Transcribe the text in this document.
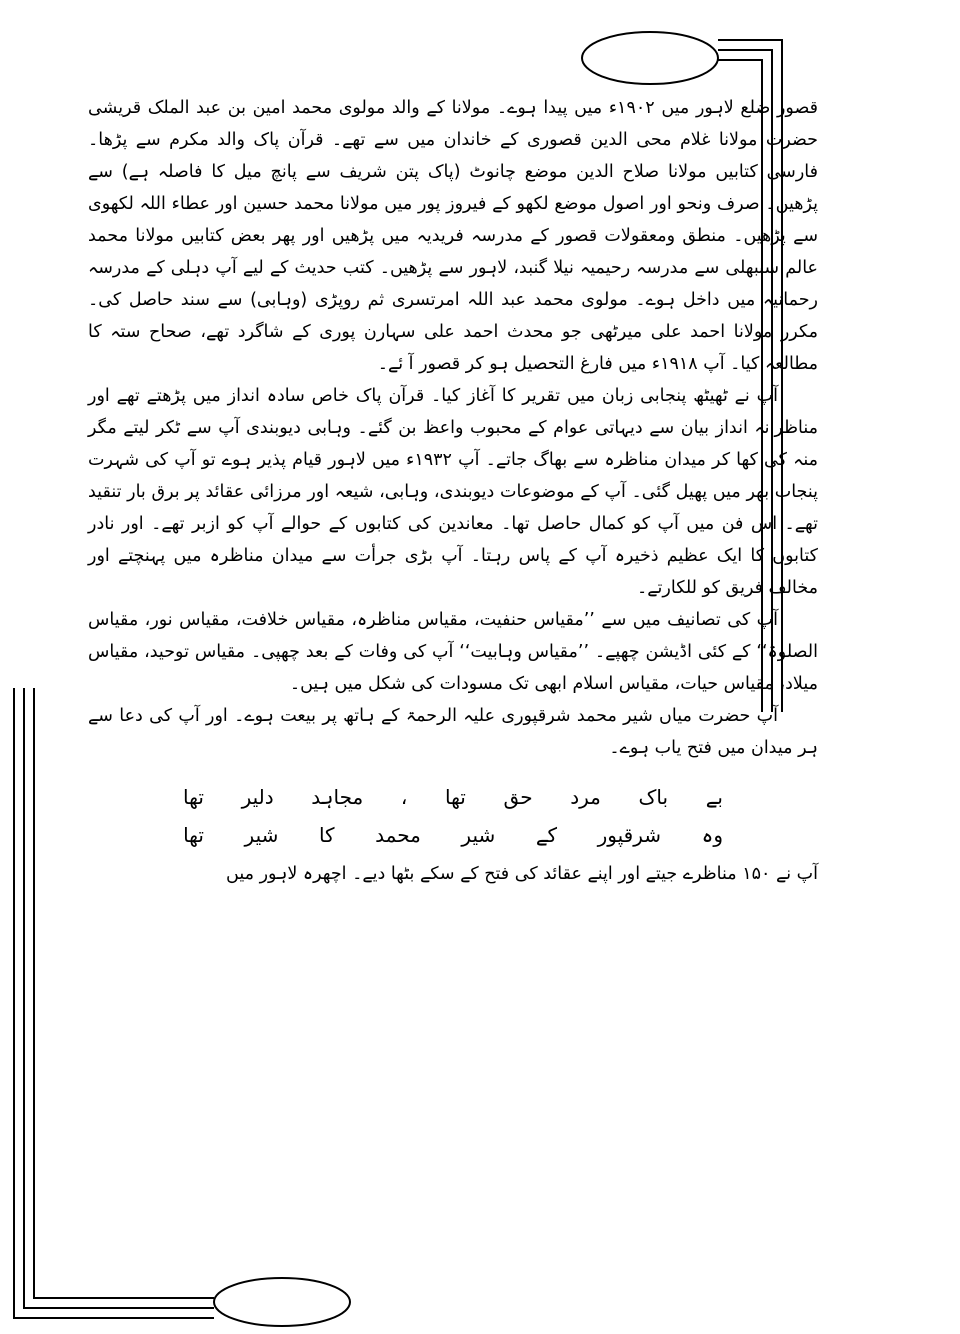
قصور ضلع لاہور میں ۱۹۰۲ء میں پیدا ہوے۔ مولانا کے والد مولوی محمد امین بن عبد الملک قریشی حضرت مولانا غلام محی الدین قصوری کے خاندان میں سے تھے۔ قرآن پاک والد مکرم سے پڑھا۔ فارسی کتابیں مولانا صلاح الدین موضع چانوٹ (پاک پتن شریف سے پانچ میل کا فاصلہ ہے) سے پڑھیں۔ صرف ونحو اور اصول موضع لکھو کے فیروز پور میں مولانا محمد حسین اور عطاء اللہ لکھوی سے پڑھیں۔ منطق ومعقولات قصور کے مدرسہ فریدیہ میں پڑھیں اور پھر بعض کتابیں مولانا محمد عالم سنبھلی سے مدرسہ رحیمیہ نیلا گنبد، لاہور سے پڑھیں۔ کتب حدیث کے لیے آپ دہلی کے مدرسہ رحمانیہ میں داخل ہوے۔ مولوی محمد عبد اللہ امرتسری ثم روپڑی (وہابی) سے سند حاصل کی۔ مکرر مولانا احمد علی میرٹھی جو محدث احمد علی سہارن پوری کے شاگرد تھے، صحاح ستہ کا مطالعہ کیا۔ آپ ۱۹۱۸ء میں فارغ التحصیل ہو کر قصور آ ئے۔

آپ نے ٹھیٹھ پنجابی زبان میں تقریر کا آغاز کیا۔ قرآن پاک خاص سادہ انداز میں پڑھتے تھے اور مناظرانہ انداز بیان سے دیہاتی عوام کے محبوب واعظ بن گئے۔ وہابی دیوبندی آپ سے ٹکر لیتے مگر منہ کی کھا کر میدان مناظرہ سے بھاگ جاتے۔ آپ ۱۹۳۲ء میں لاہور قیام پذیر ہوے تو آپ کی شہرت پنجاب بھر میں پھیل گئی۔ آپ کے موضوعات دیوبندی، وہابی، شیعہ اور مرزائی عقائد پر برق بار تنقید تھے۔ اس فن میں آپ کو کمال حاصل تھا۔ معاندین کی کتابوں کے حوالے آپ کو ازبر تھے۔ اور نادر کتابوں کا ایک عظیم ذخیرہ آپ کے پاس رہتا۔ آپ بڑی جرأت سے میدان مناظرہ میں پہنچتے اور مخالف فریق کو للکارتے۔

آپ کی تصانیف میں سے ’’مقیاس حنفیت، مقیاس مناظرہ، مقیاس خلافت، مقیاس نور، مقیاس الصلوۃ‘‘ کے کئی اڈیشن چھپے۔ ’’مقیاس وہابیت‘‘ آپ کی وفات کے بعد چھپی۔ مقیاس توحید، مقیاس میلاد، مقیاس حیات، مقیاس اسلام ابھی تک مسودات کی شکل میں ہیں۔

آپ حضرت میاں شیر محمد شرقپوری علیہ الرحمۃ کے ہاتھ پر بیعت ہوے۔ اور آپ کی دعا سے ہر میدان میں فتح یاب ہوے۔

بے
باک
مرد
حق
تھا
،
مجاہد
دلیر
تھا
وہ
شرقپور
کے
شیر
محمد
کا
شیر
تھا

آپ نے ۱۵۰ مناظرے جیتے اور اپنے عقائد کی فتح کے سکے بٹھا دیے۔ اچھرہ لاہور میں
